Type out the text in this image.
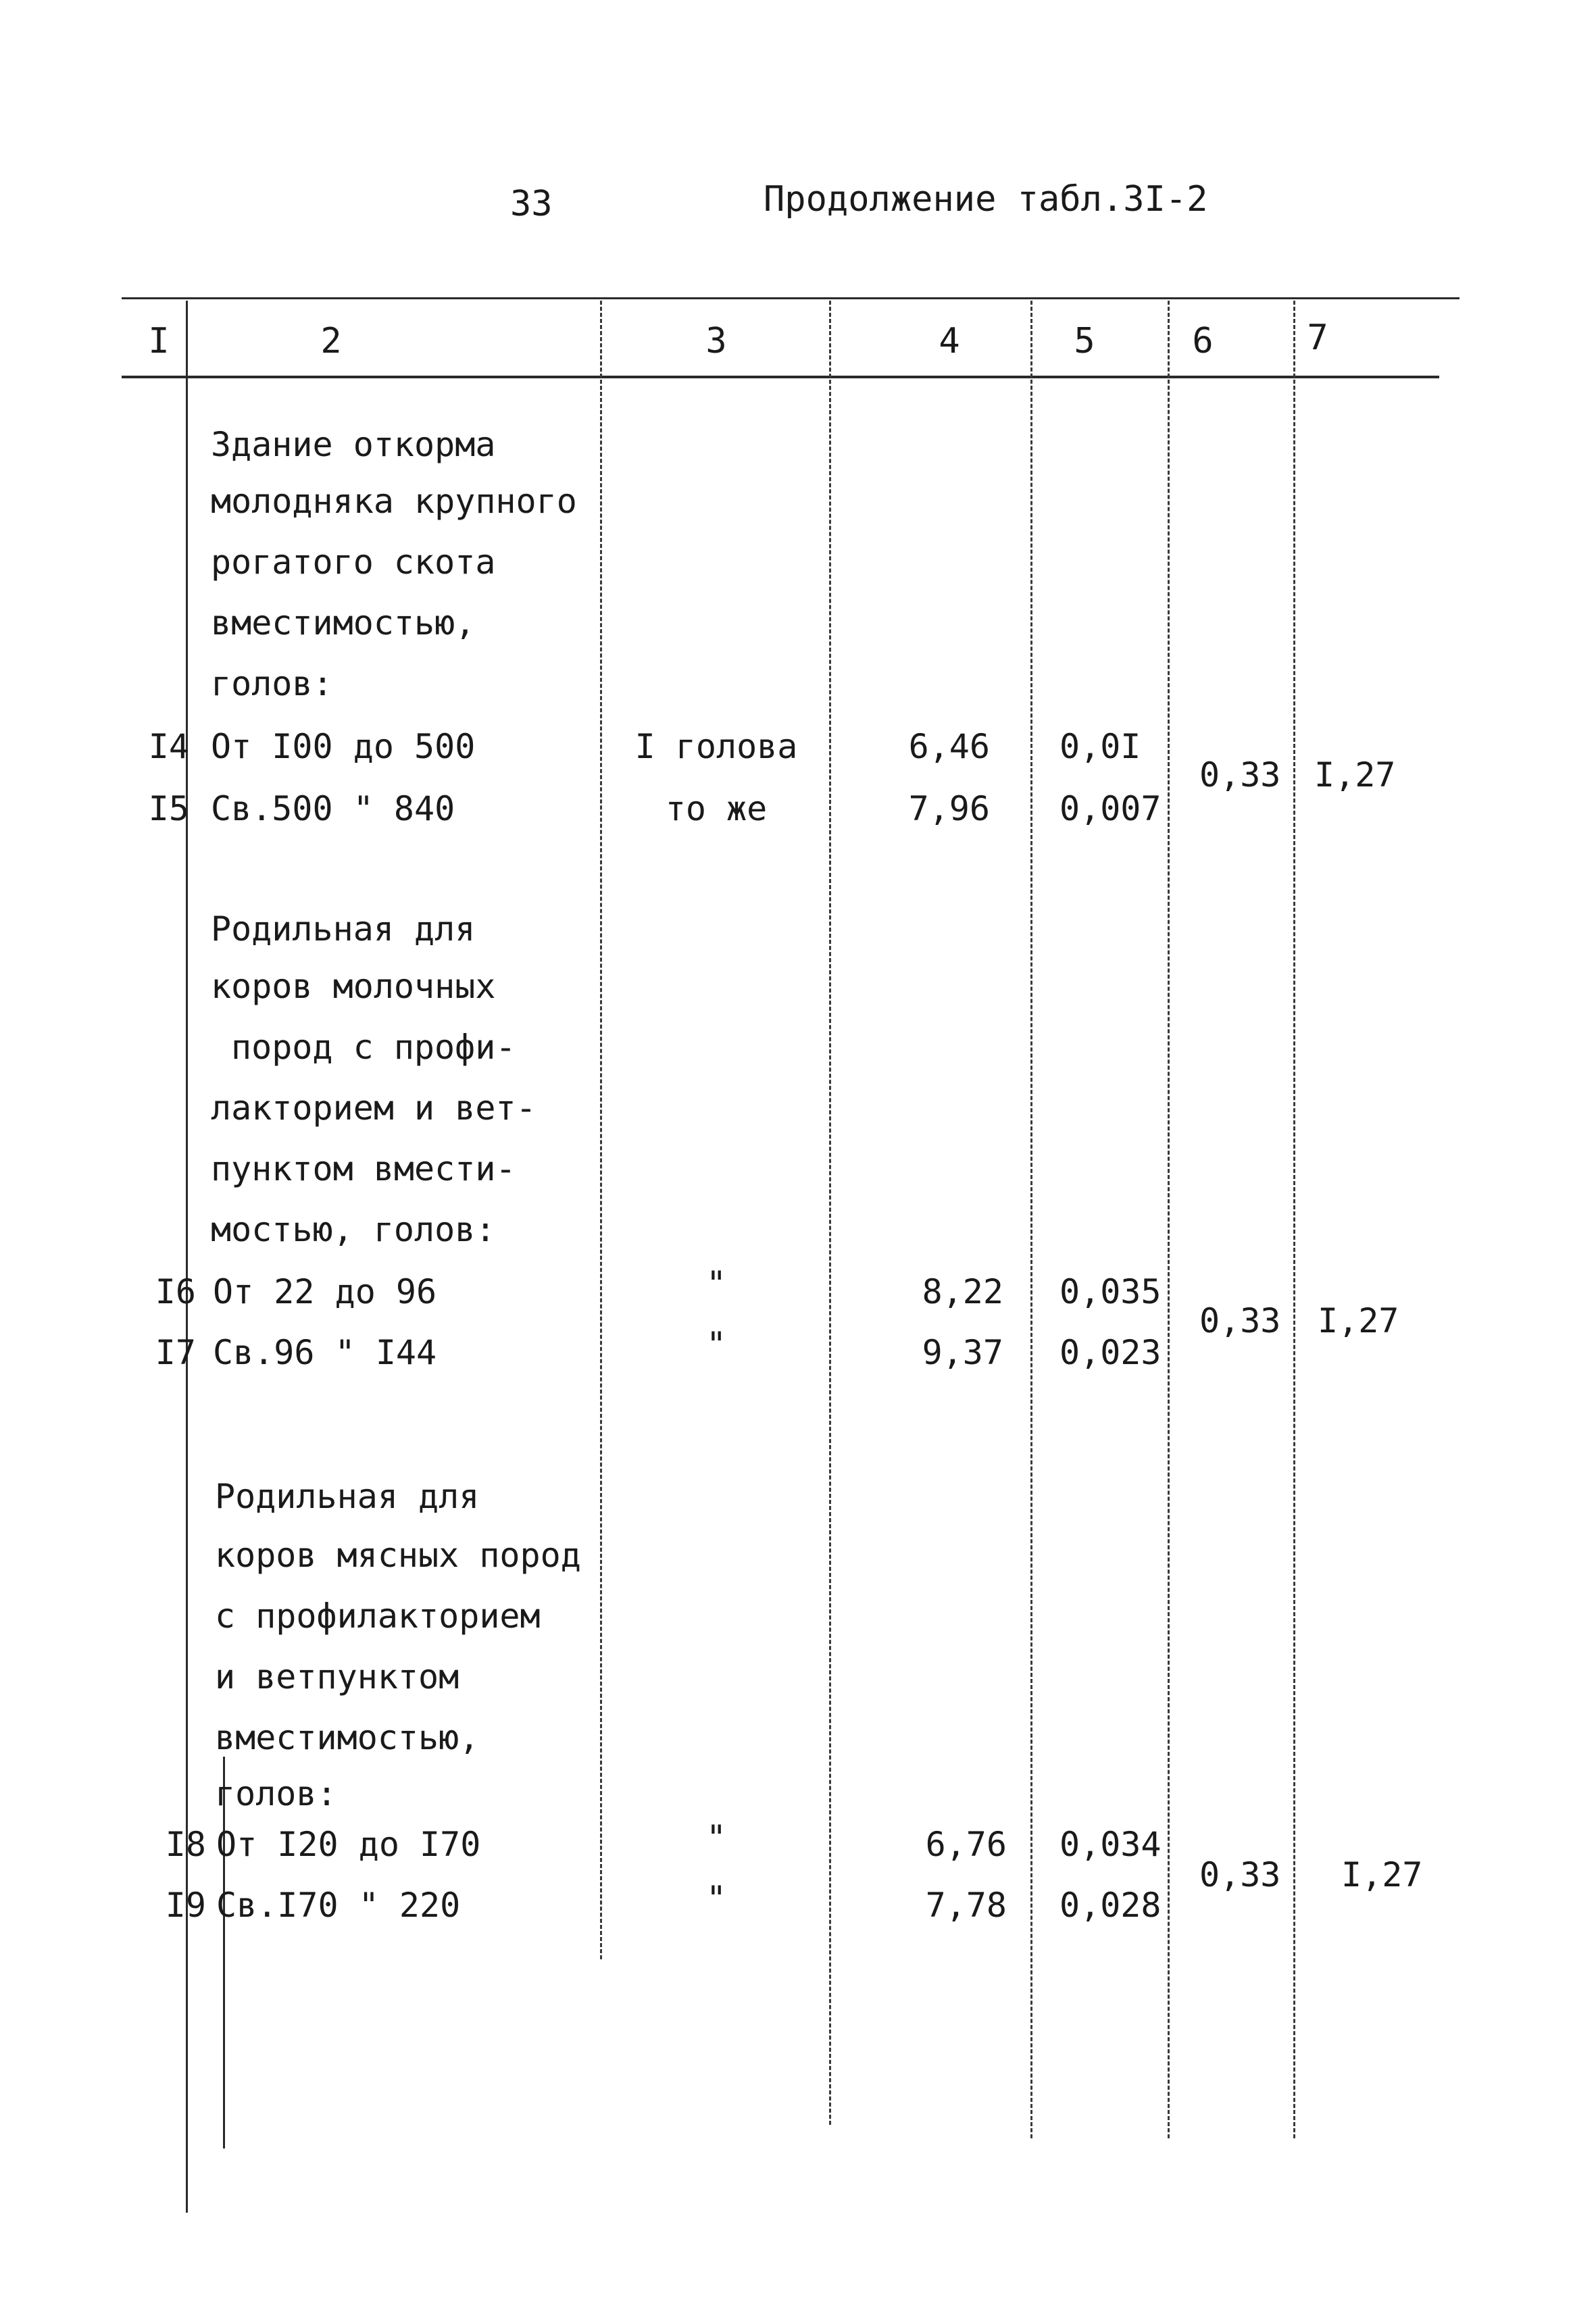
33	Продолжение табл.3I-2
I	2	3	4	5	6	7
Здание откорма
молодняка крупного
рогатого скота
вместимостью,
голов:
I4 От I00 до 500	I голова	6,46 0,0I
I5 Св.500 " 840	то же	7,96 0,007
0,33 I,27
Родильная для
коров молочных
пород с профи-
лакторием и вет-
пунктом вмести-
мостью, голов:
I6 От 22 до 96	"	8,22 0,035
I7 Св.96 " I44	"	9,37 0,023
0,33 I,27
Родильная для
коров мясных пород
с профилакторием
и ветпунктом
вместимостью,
голов:
I8 От I20 до I70	"	6,76 0,034
I9 Св.I70 " 220	"	7,78 0,028
0,33 I,27
